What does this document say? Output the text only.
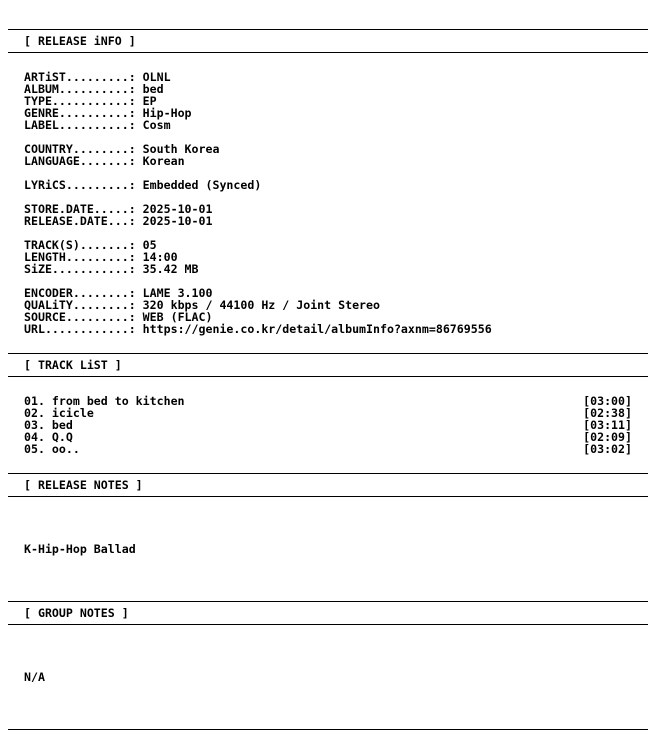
[ RELEASE iNFO ]
ARTiST.........: OLNL
ALBUM..........: bed
TYPE...........: EP
GENRE..........: Hip-Hop
LABEL..........: Cosm
COUNTRY........: South Korea
LANGUAGE.......: Korean
LYRiCS.........: Embedded (Synced)
STORE.DATE.....: 2025-10-01
RELEASE.DATE...: 2025-10-01
TRACK(S).......: 05
LENGTH.........: 14:00
SiZE...........: 35.42 MB
ENCODER........: LAME 3.100
QUALiTY........: 320 kbps / 44100 Hz / Joint Stereo
SOURCE.........: WEB (FLAC)
URL............: https://genie.co.kr/detail/albumInfo?axnm=86769556
[ TRACK LiST ]
01. from bed to kitchen	[03:00]
02. icicle	[02:38]
03. bed	[03:11]
04. Q.Q	[02:09]
05. oo..	[03:02]
[ RELEASE NOTES ]

K-Hip-Hop Ballad

[ GROUP NOTES ]

N/A
